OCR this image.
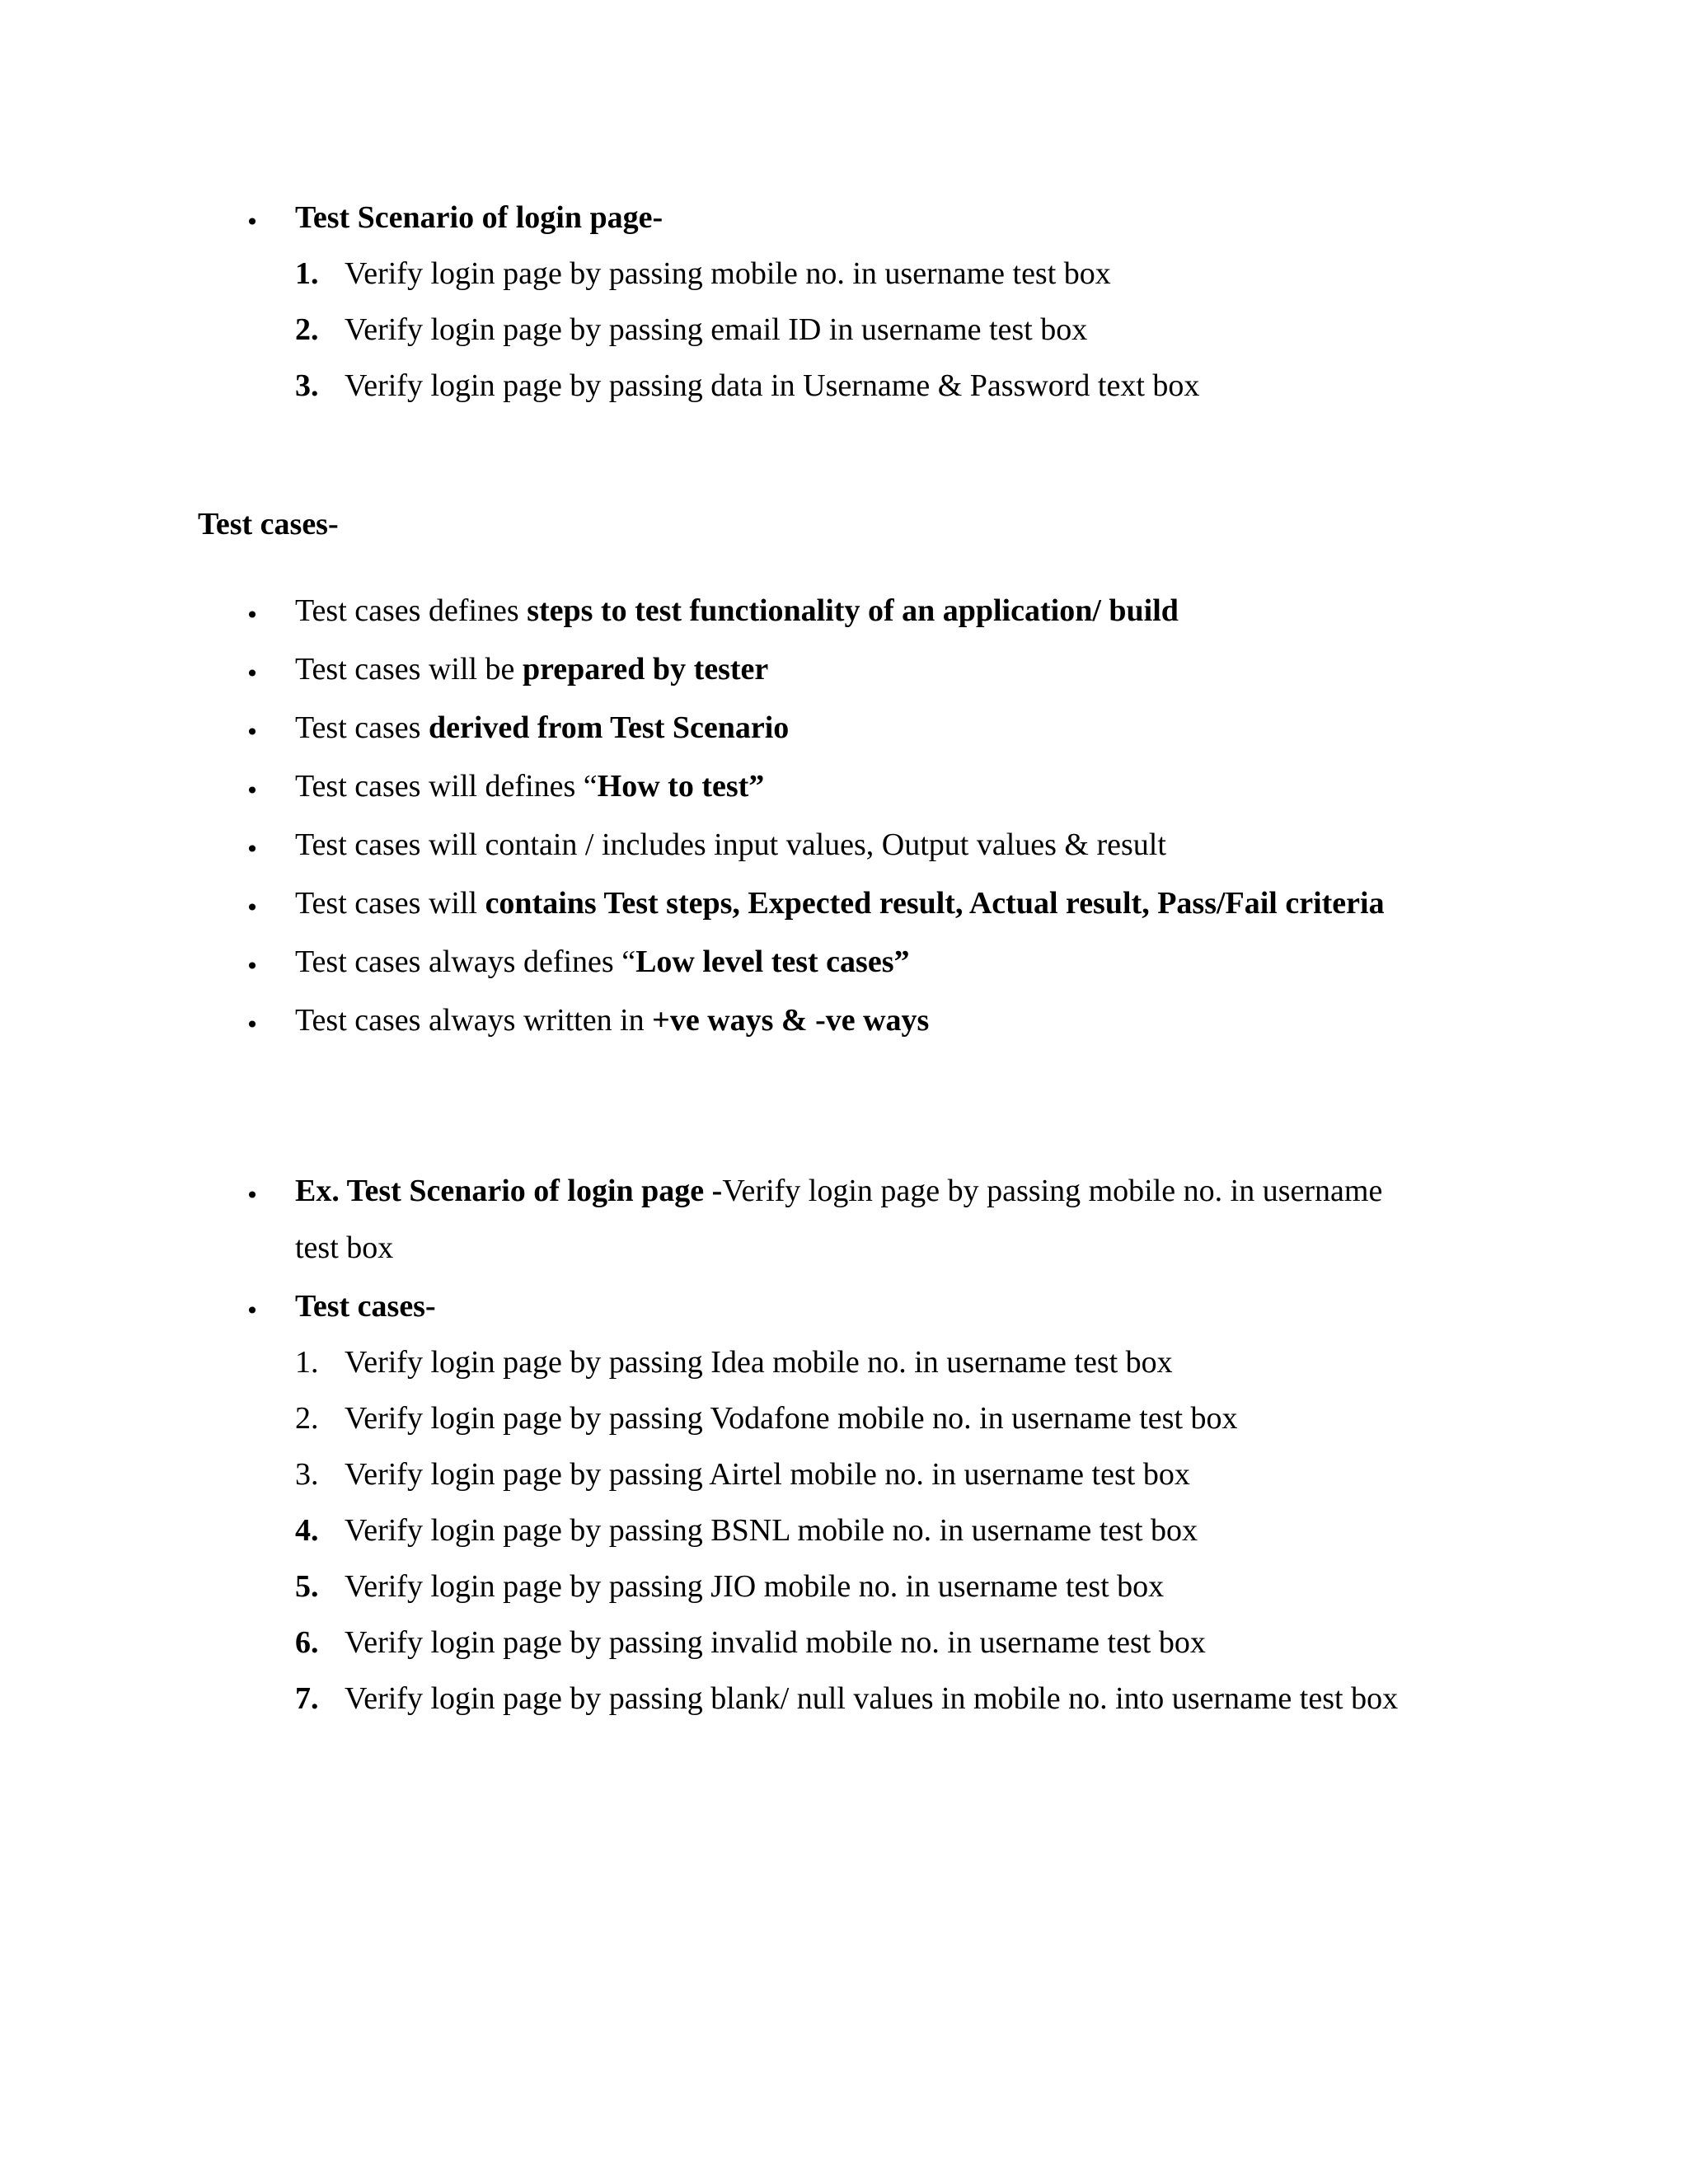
• Test Scenario of login page-
1. Verify login page by passing mobile no. in username test box
2. Verify login page by passing email ID in username test box
3. Verify login page by passing data in Username & Password text box
Test cases-
• Test cases defines steps to test functionality of an application/ build
• Test cases will be prepared by tester
• Test cases derived from Test Scenario
• Test cases will defines “How to test”
• Test cases will contain / includes input values, Output values & result
• Test cases will contains Test steps, Expected result, Actual result, Pass/Fail criteria
• Test cases always defines “Low level test cases”
• Test cases always written in +ve ways & -ve ways
• Ex. Test Scenario of login page -Verify login page by passing mobile no. in username
test box
• Test cases-
1. Verify login page by passing Idea mobile no. in username test box
2. Verify login page by passing Vodafone mobile no. in username test box
3. Verify login page by passing Airtel mobile no. in username test box
4. Verify login page by passing BSNL mobile no. in username test box
5. Verify login page by passing JIO mobile no. in username test box
6. Verify login page by passing invalid mobile no. in username test box
7. Verify login page by passing blank/ null values in mobile no. into username test box
